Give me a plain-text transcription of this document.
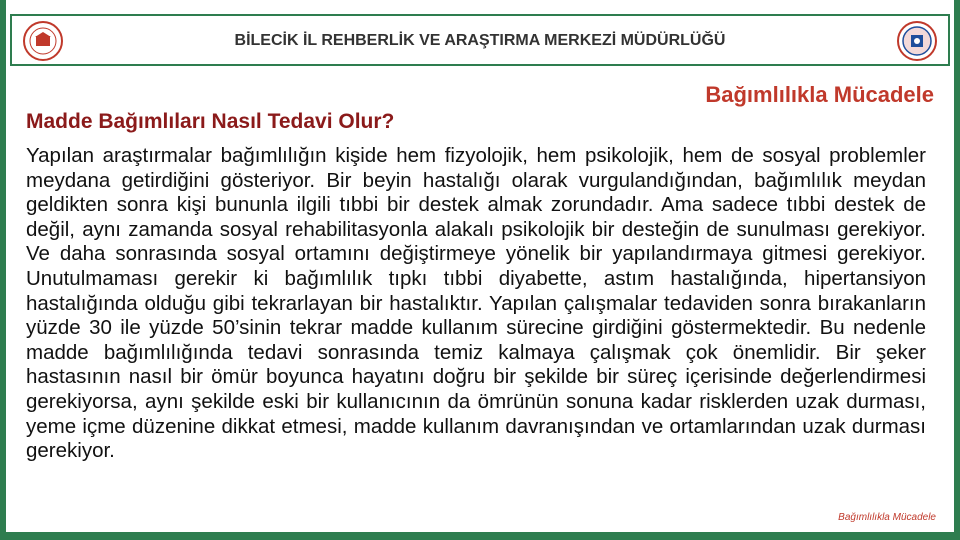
BİLECİK İL REHBERLİK VE ARAŞTIRMA MERKEZİ MÜDÜRLÜĞÜ
Bağımlılıkla Mücadele
Madde Bağımlıları Nasıl Tedavi Olur?

Yapılan araştırmalar bağımlılığın kişide hem fizyolojik, hem psikolojik, hem de sosyal problemler meydana getirdiğini gösteriyor. Bir beyin hastalığı olarak vurgulandığından, bağımlılık meydan geldikten sonra kişi bununla ilgili tıbbi bir destek almak zorundadır. Ama sadece tıbbi destek de değil, aynı zamanda sosyal rehabilitasyonla alakalı psikolojik bir desteğin de sunulması gerekiyor. Ve daha sonrasında sosyal ortamını değiştirmeye yönelik bir yapılandırmaya gitmesi gerekiyor. Unutulmaması gerekir ki bağımlılık tıpkı tıbbi diyabette, astım hastalığında, hipertansiyon hastalığında olduğu gibi tekrarlayan bir hastalıktır. Yapılan çalışmalar tedaviden sonra bırakanların yüzde 30 ile yüzde 50’sinin tekrar madde kullanım sürecine girdiğini göstermektedir. Bu nedenle madde bağımlılığında tedavi sonrasında temiz kalmaya çalışmak çok önemlidir. Bir şeker hastasının nasıl bir ömür boyunca hayatını doğru bir şekilde bir süreç içerisinde değerlendirmesi gerekiyorsa, aynı şekilde eski bir kullanıcının da ömrünün sonuna kadar risklerden uzak durması, yeme içme düzenine dikkat etmesi, madde kullanım davranışından ve ortamlarından uzak durması gerekiyor.

Bağımlılıkla Mücadele
